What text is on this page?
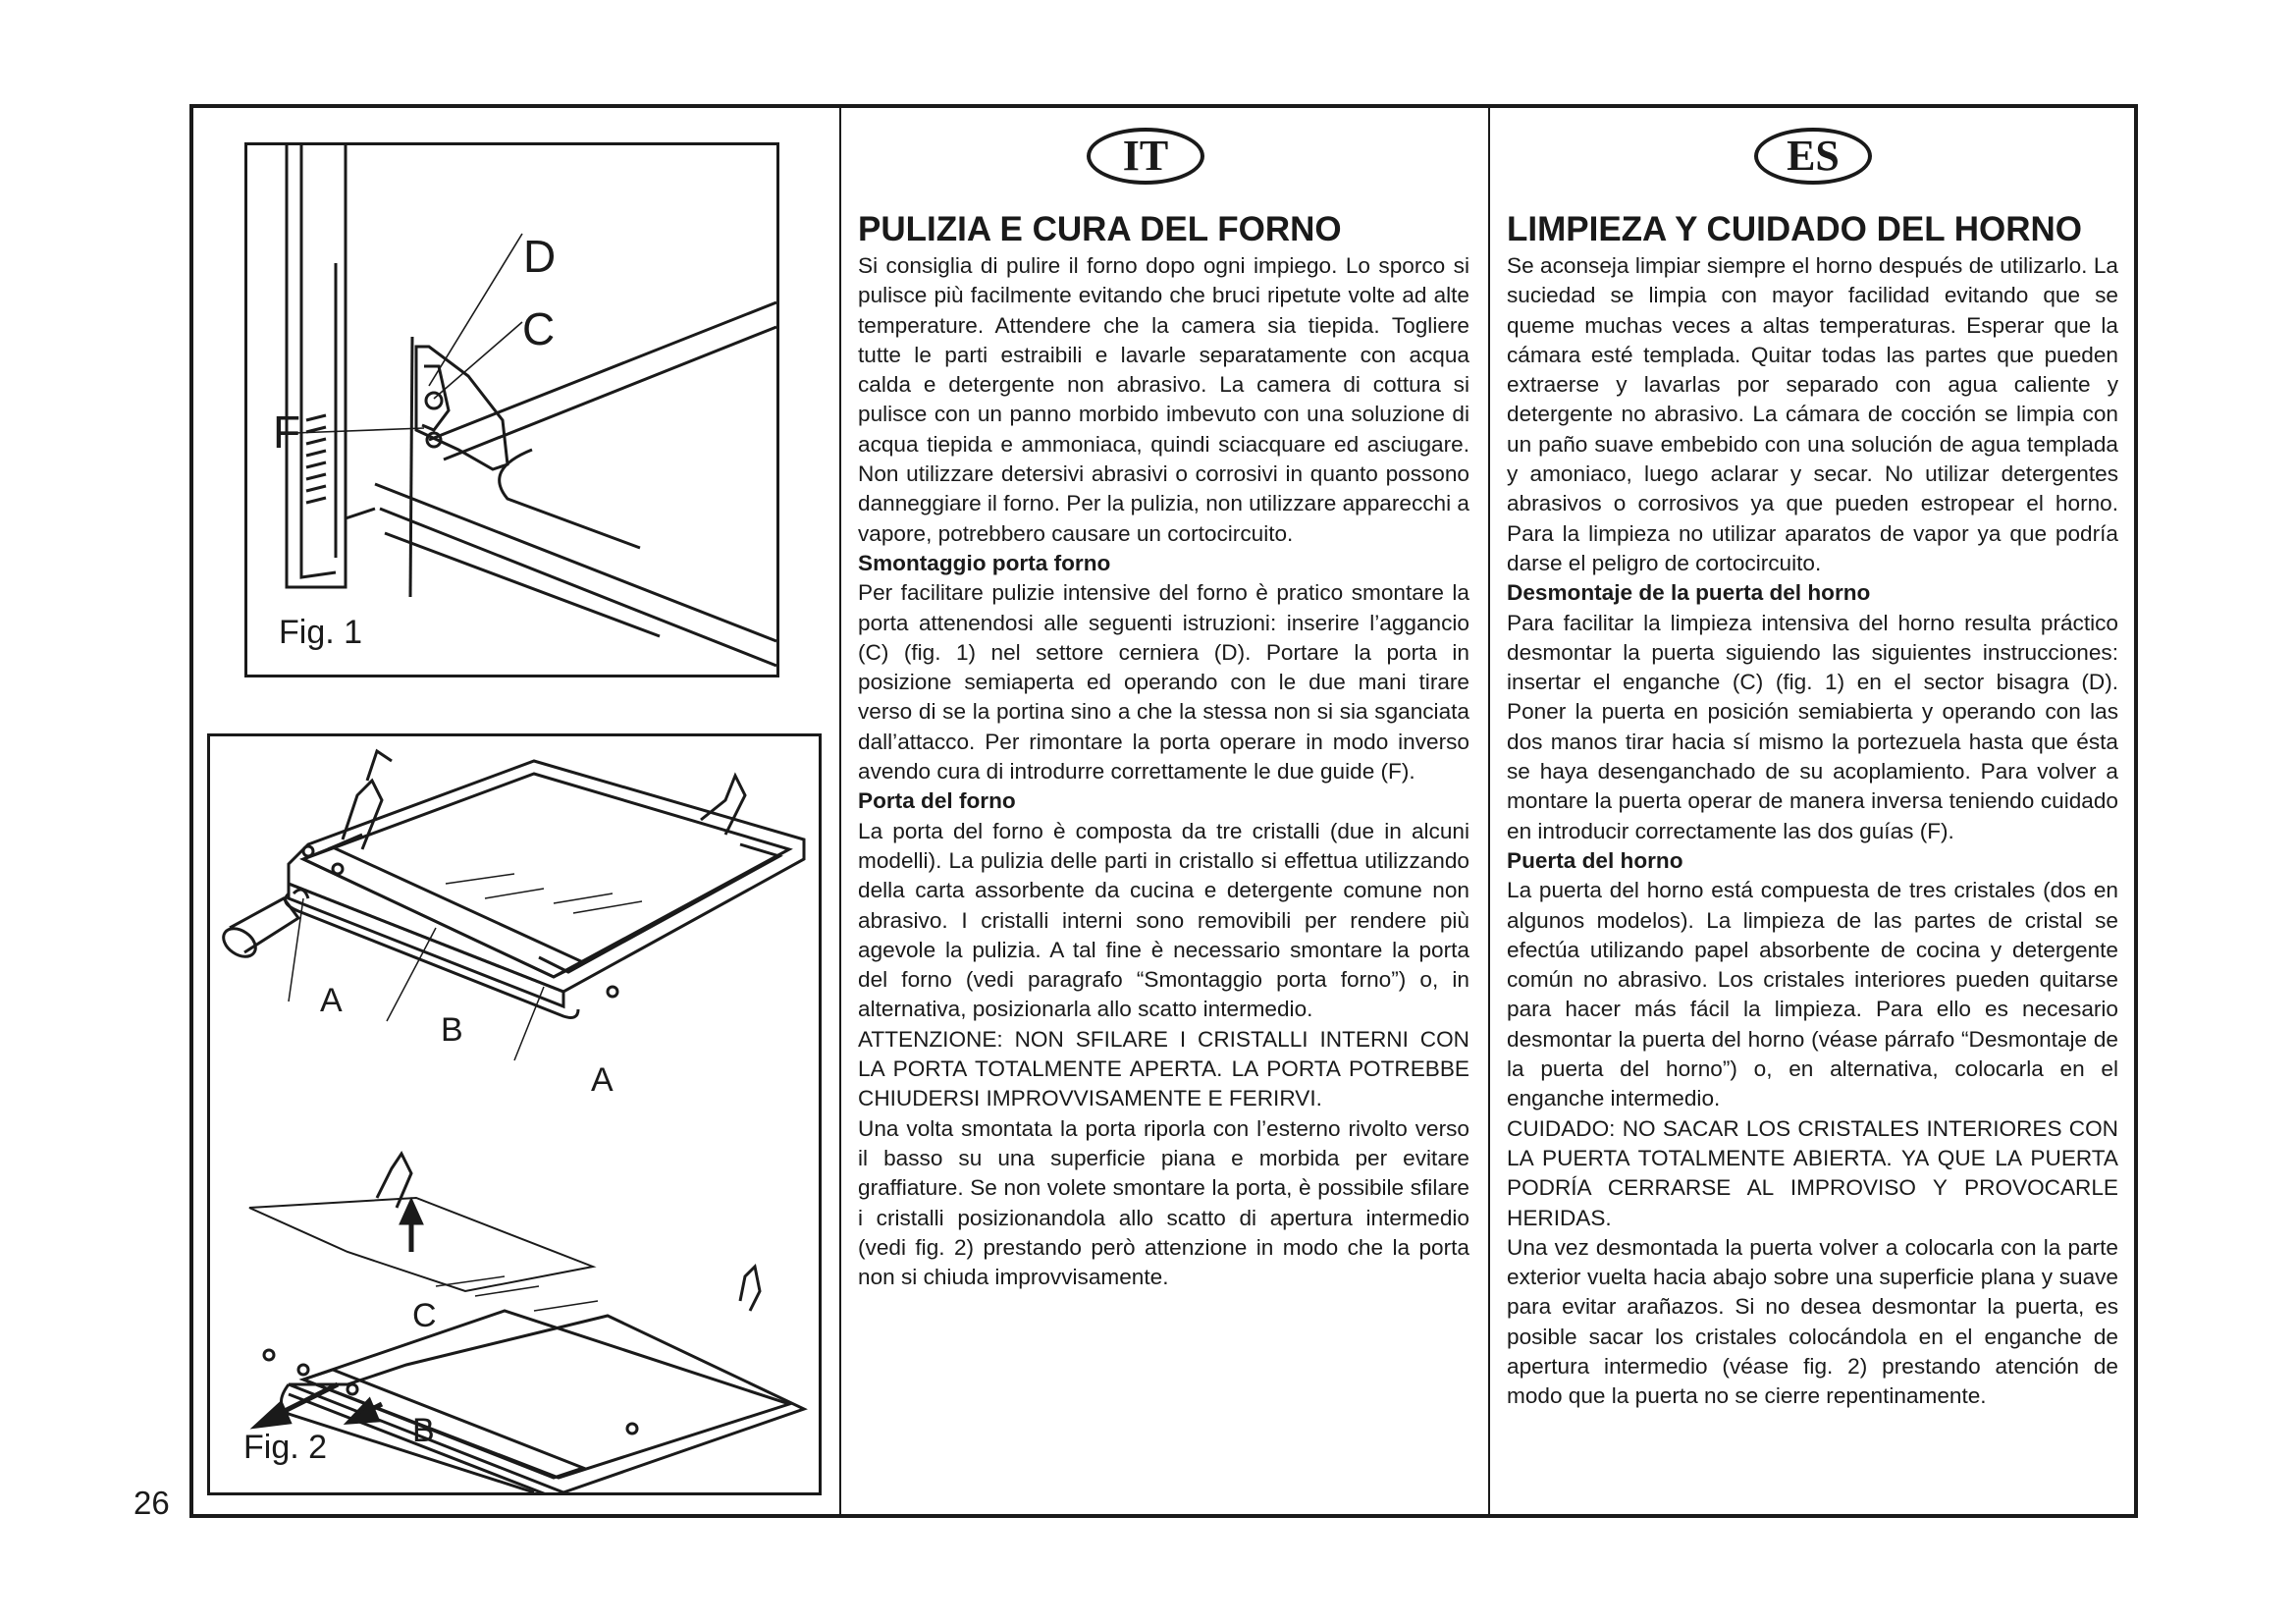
26
D
C
F
Fig. 1
A
B
A
C
B
Fig. 2
IT
PULIZIA E CURA DEL FORNO

Si consiglia di pulire il forno dopo ogni impiego. Lo sporco si pulisce più facilmente evitando che bruci ripetute volte ad alte temperature. Attendere che la camera sia tiepida. Togliere tutte le parti estraibili e lavarle separatamente con acqua calda e detergente non abrasivo. La camera di cottura si pulisce con un panno morbido imbevuto con una soluzione di acqua tiepida e ammoniaca, quindi sciacquare ed asciugare. Non utilizzare detersivi abrasivi o corrosivi in quanto possono danneggiare il forno. Per la pulizia, non utilizzare apparecchi a vapore, potrebbero causare un cortocircuito.

Smontaggio porta forno

Per facilitare pulizie intensive del forno è pratico smontare la porta attenendosi alle seguenti istruzioni: inserire l’aggancio (C) (fig. 1) nel settore cerniera (D). Portare la porta in posizione semiaperta ed operando con le due mani tirare verso di se la portina sino a che la stessa non si sia sganciata dall’attacco. Per rimontare la porta operare in modo inverso avendo cura di introdurre correttamente le due guide (F).

Porta del forno

La porta del forno è composta da tre cristalli (due in alcuni modelli). La pulizia delle parti in cristallo si effettua utilizzando della carta assorbente da cucina e detergente comune non abrasivo. I cristalli interni sono removibili per rendere più agevole la pulizia. A tal fine è necessario smontare la porta del forno (vedi paragrafo “Smontaggio porta forno”) o, in alternativa, posizionarla allo scatto intermedio.

ATTENZIONE: NON SFILARE I CRISTALLI INTERNI CON LA PORTA TOTALMENTE APERTA. LA PORTA POTREBBE CHIUDERSI IMPROVVISAMENTE E FERIRVI.

Una volta smontata la porta riporla con l’esterno rivolto verso il basso su una superficie piana e morbida per evitare graffiature. Se non volete smontare la porta, è possibile sfilare i cristalli posizionandola allo scatto di apertura intermedio (vedi fig. 2) prestando però attenzione in modo che la porta non si chiuda improvvisamente.

ES
LIMPIEZA Y CUIDADO DEL HORNO

Se aconseja limpiar siempre el horno después de utilizarlo. La suciedad se limpia con mayor facilidad evitando que se queme muchas veces a altas temperaturas. Esperar que la cámara esté templada. Quitar todas las partes que pueden extraerse y lavarlas por separado con agua caliente y detergente no abrasivo. La cámara de cocción se limpia con un paño suave embebido con una solución de agua templada y amoniaco, luego aclarar y secar. No utilizar detergentes abrasivos o corrosivos ya que pueden estropear el horno. Para la limpieza no utilizar aparatos de vapor ya que podría darse el peligro de cortocircuito.

Desmontaje de la puerta del horno

Para facilitar la limpieza intensiva del horno resulta práctico desmontar la puerta siguiendo las siguientes instrucciones: insertar el enganche (C) (fig. 1) en el sector bisagra (D). Poner la puerta en posición semiabierta y operando con las dos manos tirar hacia sí mismo la portezuela hasta que ésta se haya desenganchado de su acoplamiento. Para volver a montare la puerta operar de manera inversa teniendo cuidado en introducir correctamente las dos guías (F).

Puerta del horno

La puerta del horno está compuesta de tres cristales (dos en algunos modelos). La limpieza de las partes de cristal se efectúa utilizando papel absorbente de cocina y detergente común no abrasivo. Los cristales interiores pueden quitarse para hacer más fácil la limpieza. Para ello es necesario desmontar la puerta del horno (véase párrafo “Desmontaje de la puerta del horno”) o, en alternativa, colocarla en el enganche intermedio.

CUIDADO: NO SACAR LOS CRISTALES INTERIORES CON LA PUERTA TOTALMENTE ABIERTA. YA QUE LA PUERTA PODRÍA CERRARSE AL IMPROVISO Y PROVOCARLE HERIDAS.

Una vez desmontada la puerta volver a colocarla con la parte exterior vuelta hacia abajo sobre una superficie plana y suave para evitar arañazos. Si no desea desmontar la puerta, es posible sacar los cristales colocándola en el enganche de apertura intermedio (véase fig. 2) prestando atención de modo que la puerta no se cierre repentinamente.
